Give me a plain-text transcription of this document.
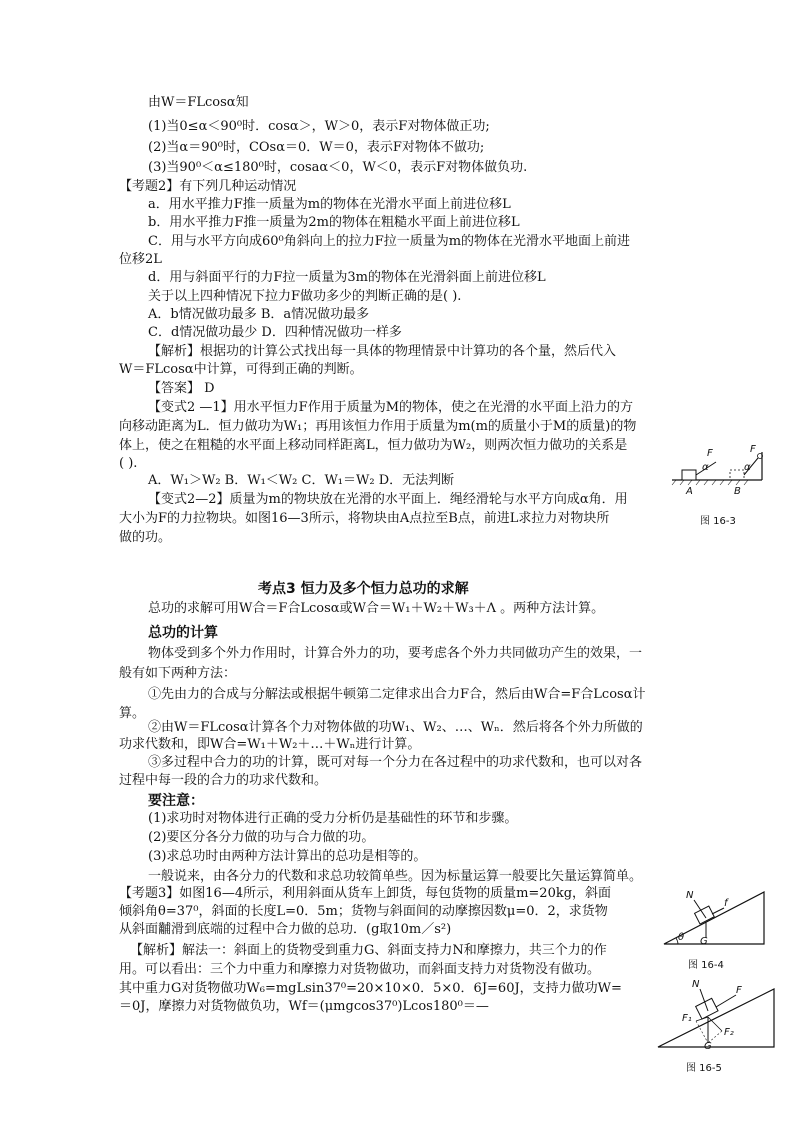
由W＝FLcosα知
(1)当0≤α＜90⁰时．cosα＞，W＞0，表示F对物体做正功;
(2)当α＝90⁰时，COsα＝0．W＝0，表示F对物体不做功;
(3)当90⁰＜α≤180⁰时，cosaα＜0，W＜0，表示F对物体做负功.
【考题2】有下列几种运动情况
a．用水平推力F推一质量为m的物体在光滑水平面上前进位移L
b．用水平推力F推一质量为2m的物体在粗糙水平面上前进位移L
C．用与水平方向成60⁰角斜向上的拉力F拉一质量为m的物体在光滑水平地面上前进
位移2L
d．用与斜面平行的力F拉一质量为3m的物体在光滑斜面上前进位移L
关于以上四种情况下拉力F做功多少的判断正确的是( ).
A．b情况做功最多 B．a情况做功最多
C．d情况做功最少 D．四种情况做功一样多
【解析】根据功的计算公式找出每一具体的物理情景中计算功的各个量，然后代入
W＝FLcosα中计算，可得到正确的判断。
【答案】 D
【变式2 —1】用水平恒力F作用于质量为M的物体，使之在光滑的水平面上沿力的方
向移动距离为L．恒力做功为W₁；再用该恒力作用于质量为m(m的质量小于M的质量)的物
体上，使之在粗糙的水平面上移动同样距离L，恒力做功为W₂，则两次恒力做功的关系是
( ).
A．W₁＞W₂ B．W₁＜W₂ C．W₁＝W₂ D．无法判断
【变式2—2】质量为m的物块放在光滑的水平面上．绳经滑轮与水平方向成α角．用
大小为F的力拉物块。如图16—3所示，将物块由A点拉至B点，前进L求拉力对物块所
做的功。
考点3 恒力及多个恒力总功的求解
总功的求解可用W合＝F合Lcosα或W合＝W₁＋W₂＋W₃＋Λ 。两种方法计算。
总功的计算
物体受到多个外力作用时，计算合外力的功，要考虑各个外力共同做功产生的效果，一
般有如下两种方法：
①先由力的合成与分解法或根据牛顿第二定律求出合力F合，然后由W合=F合Lcosα计
算。
②由W＝FLcosα计算各个力对物体做的功W₁、W₂、…、Wₙ．然后将各个外力所做的
功求代数和，即W合=W₁＋W₂＋…＋Wₙ进行计算。
③多过程中合力的功的计算，既可对每一个分力在各过程中的功求代数和，也可以对各
过程中每一段的合力的功求代数和。
要注意：
(1)求功时对物体进行正确的受力分析仍是基础性的环节和步骤。
(2)要区分各分力做的功与合力做的功。
(3)求总功时由两种方法计算出的总功是相等的。
一般说来，由各分力的代数和求总功较简单些。因为标量运算一般要比矢量运算简单。
【考题3】如图16—4所示，利用斜面从货车上卸货，每包货物的质量m=20kg，斜面
倾斜角θ=37⁰，斜面的长度L=0．5m；货物与斜面间的动摩擦因数μ=0．2，求货物
从斜面黼滑到底端的过程中合力做的总功．(g取10m／s²)
【解析】解法一：斜面上的货物受到重力G、斜面支持力N和摩擦力，共三个力的作
用。可以看出：三个力中重力和摩擦力对货物做功，而斜面支持力对货物没有做功。
其中重力G对货物做功W₆=mgLsin37⁰=20×10×0．5×0．6J=60J，支持力做功W=
＝0J，摩擦力对货物做负功，Wf＝(μmgcos37⁰)Lcos180⁰＝—
F
α
F
α
A	B
图 16-3
N
f
θ G
图 16-4
N
F
F₁
F₂
G
图 16-5
